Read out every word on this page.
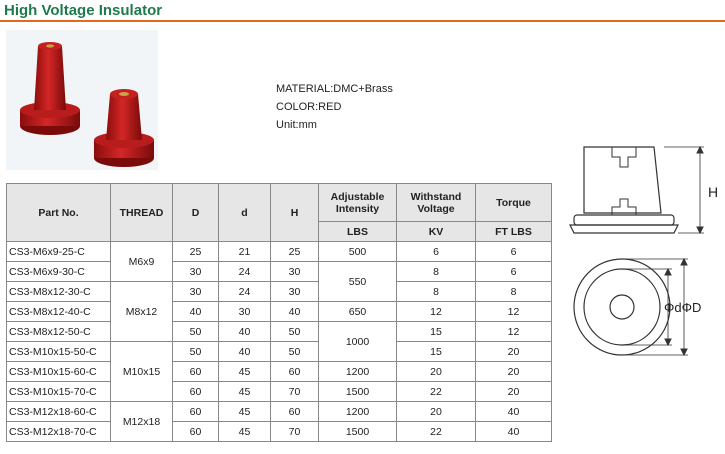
High Voltage Insulator
MATERIAL:DMC+Brass
COLOR:RED
Unit:mm
Part No.	THREAD	D	d	H	Adjustable Intensity	Withstand Voltage	Torque
					LBS	KV	FT LBS
CS3-M6x9-25-C	M6x9	25	21	25	500	6	6
CS3-M6x9-30-C		30	24	30	550	8	6
CS3-M8x12-30-C	M8x12	30	24	30		8	8
CS3-M8x12-40-C		40	30	40	650	12	12
CS3-M8x12-50-C		50	40	50	1000	15	12
CS3-M10x15-50-C	M10x15	50	40	50		15	20
CS3-M10x15-60-C		60	45	60	1200	20	20
CS3-M10x15-70-C		60	45	70	1500	22	20
CS3-M12x18-60-C	M12x18	60	45	60	1200	20	40
CS3-M12x18-70-C		60	45	70	1500	22	40
H
ΦdΦD
